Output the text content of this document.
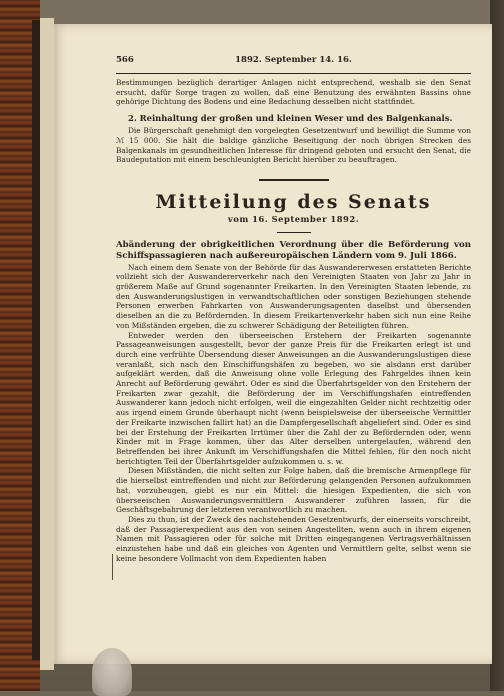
566	1892. September 14. 16.

Bestimmungen bezüglich derartiger Anlagen nicht entsprechend, weshalb sie den Senat ersucht, dafür Sorge tragen zu wollen, daß eine Benutzung des erwähnten Bassins ohne gehörige Dichtung des Bodens und eine Bedachung desselben nicht stattfindet.

2. Reinhaltung der großen und kleinen Weser und des Balgenkanals.

Die Bürgerschaft genehmigt den vorgelegten Gesetzentwurf und bewilligt die Summe von ℳ 15 000. Sie hält die baldige gänzliche Beseitigung der noch übrigen Strecken des Balgenkanals im gesundheitlichen Interesse für dringend geboten und ersucht den Senat, die Baudeputation mit einem beschleunigten Bericht hierüber zu beauftragen.

Mitteilung des Senats
vom 16. September 1892.
Abänderung der obrigkeitlichen Verordnung über die Beförderung von Schiffspassagieren nach außereuropäischen Ländern vom 9. Juli 1866.

Nach einem dem Senate von der Behörde für das Auswandererwesen erstatteten Berichte vollzieht sich der Auswandererverkehr nach den Vereinigten Staaten von Jahr zu Jahr in größerem Maße auf Grund sogenannter Freikarten. In den Vereinigten Staaten lebende, zu den Auswanderungslustigen in verwandtschaftlichen oder sonstigen Beziehungen stehende Personen erwerben Fahrkarten von Auswanderungsagenten daselbst und übersenden dieselben an die zu Befördernden. In diesem Freikartenverkehr haben sich nun eine Reihe von Mißständen ergeben, die zu schwerer Schädigung der Beteiligten führen.

Entweder werden den überseeischen Erstehern der Freikarten sogenannte Passageanweisungen ausgestellt, bevor der ganze Preis für die Freikarten erlegt ist und durch eine verfrühte Übersendung dieser Anweisungen an die Auswanderungslustigen diese veranlaßt, sich nach den Einschiffungshäfen zu begeben, wo sie alsdann erst darüber aufgeklärt werden, daß die Anweisung ohne volle Erlegung des Fahrgeldes ihnen kein Anrecht auf Beförderung gewährt. Oder es sind die Überfahrtsgelder von den Erstehern der Freikarten zwar gezahlt, die Beförderung der im Verschiffungshafen eintreffenden Auswanderer kann jedoch nicht erfolgen, weil die eingezahlten Gelder nicht rechtzeitig oder aus irgend einem Grunde überhaupt nicht (wenn beispielsweise der überseeische Vermittler der Freikarte inzwischen fallirt hat) an die Dampfergesellschaft abgeliefert sind. Oder es sind bei der Erstehung der Freikarten Irrtümer über die Zahl der zu Befördernden oder, wenn Kinder mit in Frage kommen, über das Alter derselben untergelaufen, während den Betreffenden bei ihrer Ankunft im Verschiffungshafen die Mittel fehlen, für den noch nicht berichtigten Teil der Überfahrtsgelder aufzukommen u. s. w.

Diesen Mißständen, die nicht selten zur Folge haben, daß die bremische Armenpflege für die hierselbst eintreffenden und nicht zur Beförderung gelangenden Personen aufzukommen hat, vorzubeugen, giebt es nur ein Mittel: die hiesigen Expedienten, die sich von überseeischen Auswanderungsvermittlern Auswanderer zuführen lassen, für die Geschäftsgebahrung der letzteren verantwortlich zu machen.

Dies zu thun, ist der Zweck des nachstehenden Gesetzentwurfs, der einerseits vorschreibt, daß der Passagierexpedient aus den von seinen Angestellten, wenn auch in ihrem eigenen Namen mit Passagieren oder für solche mit Dritten eingegangenen Vertragsverhältnissen einzustehen habe und daß ein gleiches von Agenten und Vermittlern gelte, selbst wenn sie keine besondere Vollmacht von dem Expedienten haben
